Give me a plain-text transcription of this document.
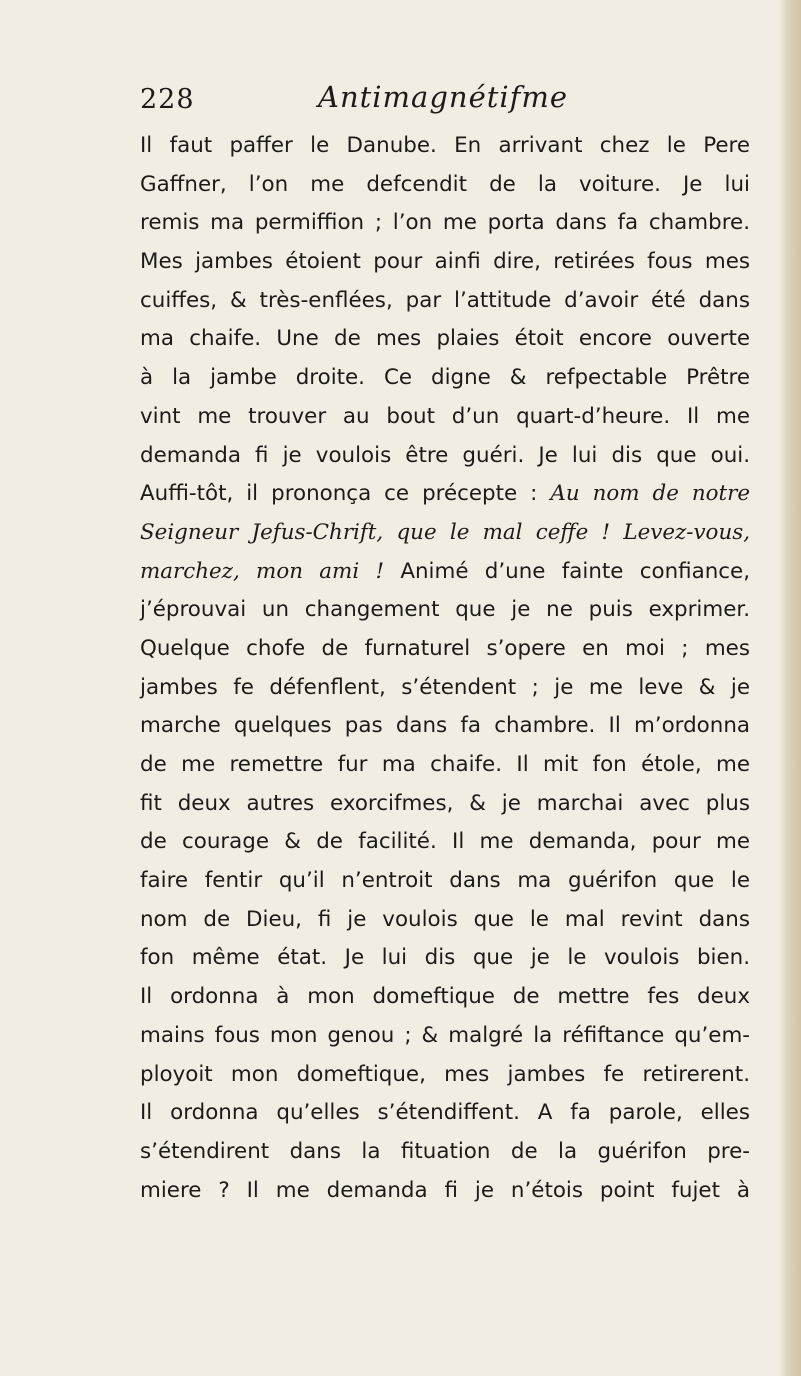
228	Antimagnétifme
Il faut paffer le Danube. En arrivant chez le Pere
Gaffner, l’on me defcendit de la voiture. Je lui
remis ma permiffion ; l’on me porta dans fa chambre.
Mes jambes étoient pour ainfi dire, retirées fous mes
cuiffes, & très-enflées, par l’attitude d’avoir été dans
ma chaife. Une de mes plaies étoit encore ouverte
à la jambe droite. Ce digne & refpectable Prêtre
vint me trouver au bout d’un quart-d’heure. Il me
demanda fi je voulois être guéri. Je lui dis que oui.
Auffi-tôt, il prononça ce précepte : Au nom de notre
Seigneur Jefus-Chrift, que le mal ceffe ! Levez-vous,
marchez, mon ami ! Animé d’une fainte confiance,
j’éprouvai un changement que je ne puis exprimer.
Quelque chofe de furnaturel s’opere en moi ; mes
jambes fe défenflent, s’étendent ; je me leve & je
marche quelques pas dans fa chambre. Il m’ordonna
de me remettre fur ma chaife. Il mit fon étole, me
fit deux autres exorcifmes, & je marchai avec plus
de courage & de facilité. Il me demanda, pour me
faire fentir qu’il n’entroit dans ma guérifon que le
nom de Dieu, fi je voulois que le mal revint dans
fon même état. Je lui dis que je le voulois bien.
Il ordonna à mon domeftique de mettre fes deux
mains fous mon genou ; & malgré la réfiftance qu’em-
ployoit mon domeftique, mes jambes fe retirerent.
Il ordonna qu’elles s’étendiffent. A fa parole, elles
s’étendirent dans la fituation de la guérifon pre-
miere ? Il me demanda fi je n’étois point fujet à
